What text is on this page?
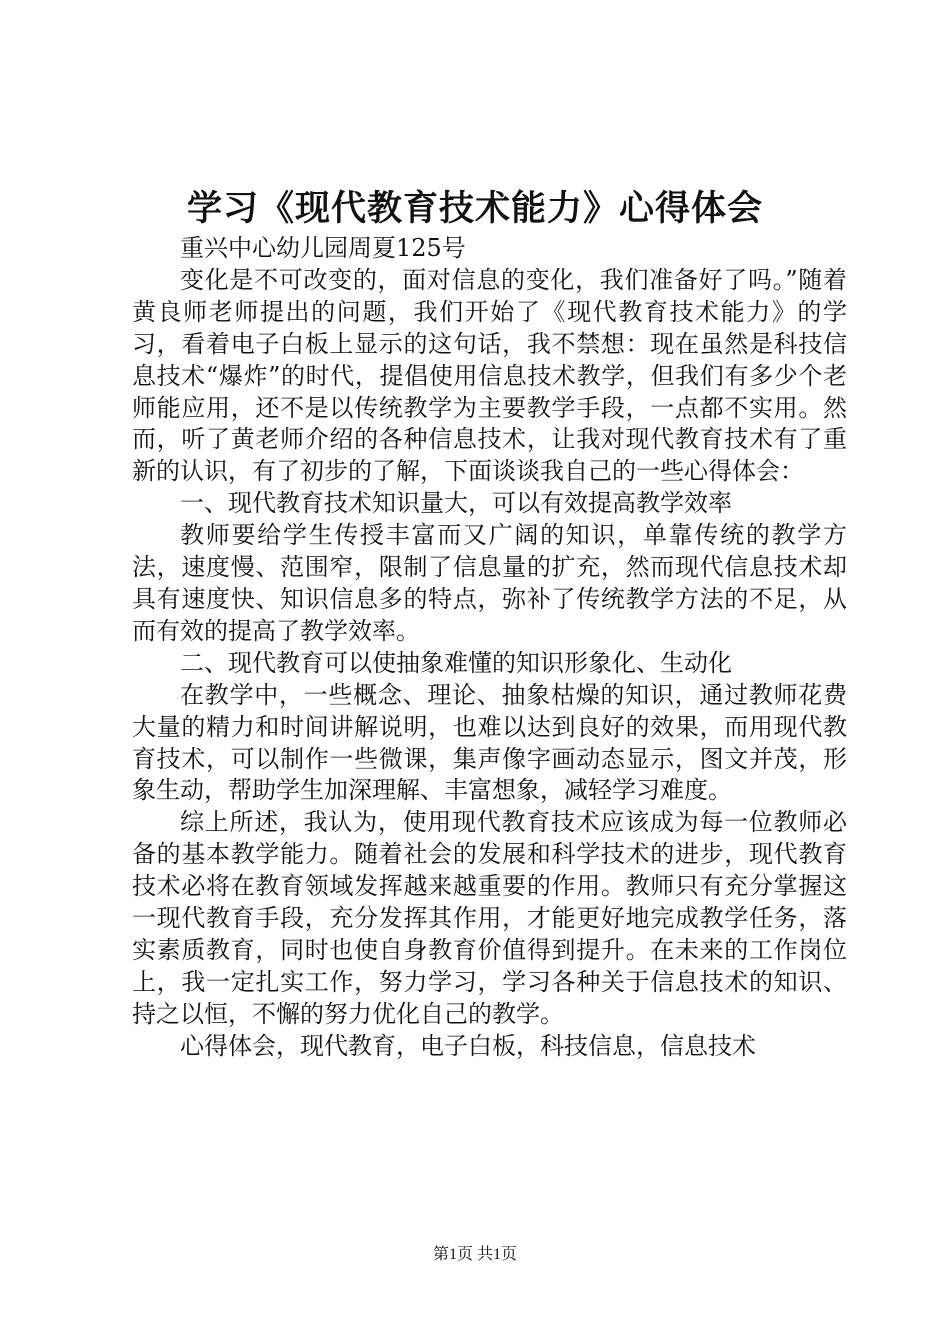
学习《现代教育技术能力》心得体会

重兴中心幼儿园周夏125号

变化是不可改变的，面对信息的变化，我们准备好了吗。”随着黄良师老师提出的问题，我们开始了《现代教育技术能力》的学习，看着电子白板上显示的这句话，我不禁想：现在虽然是科技信息技术“爆炸”的时代，提倡使用信息技术教学，但我们有多少个老师能应用，还不是以传统教学为主要教学手段，一点都不实用。然而，听了黄老师介绍的各种信息技术，让我对现代教育技术有了重新的认识，有了初步的了解，下面谈谈我自己的一些心得体会：

一、现代教育技术知识量大，可以有效提高教学效率

教师要给学生传授丰富而又广阔的知识，单靠传统的教学方法，速度慢、范围窄，限制了信息量的扩充，然而现代信息技术却具有速度快、知识信息多的特点，弥补了传统教学方法的不足，从而有效的提高了教学效率。

二、现代教育可以使抽象难懂的知识形象化、生动化

在教学中，一些概念、理论、抽象枯燥的知识，通过教师花费大量的精力和时间讲解说明，也难以达到良好的效果，而用现代教育技术，可以制作一些微课，集声像字画动态显示，图文并茂，形象生动，帮助学生加深理解、丰富想象，减轻学习难度。

综上所述，我认为，使用现代教育技术应该成为每一位教师必备的基本教学能力。随着社会的发展和科学技术的进步，现代教育技术必将在教育领域发挥越来越重要的作用。教师只有充分掌握这一现代教育手段，充分发挥其作用，才能更好地完成教学任务，落实素质教育，同时也使自身教育价值得到提升。在未来的工作岗位上，我一定扎实工作，努力学习，学习各种关于信息技术的知识、持之以恒，不懈的努力优化自己的教学。

心得体会，现代教育，电子白板，科技信息，信息技术

第1页 共1页
